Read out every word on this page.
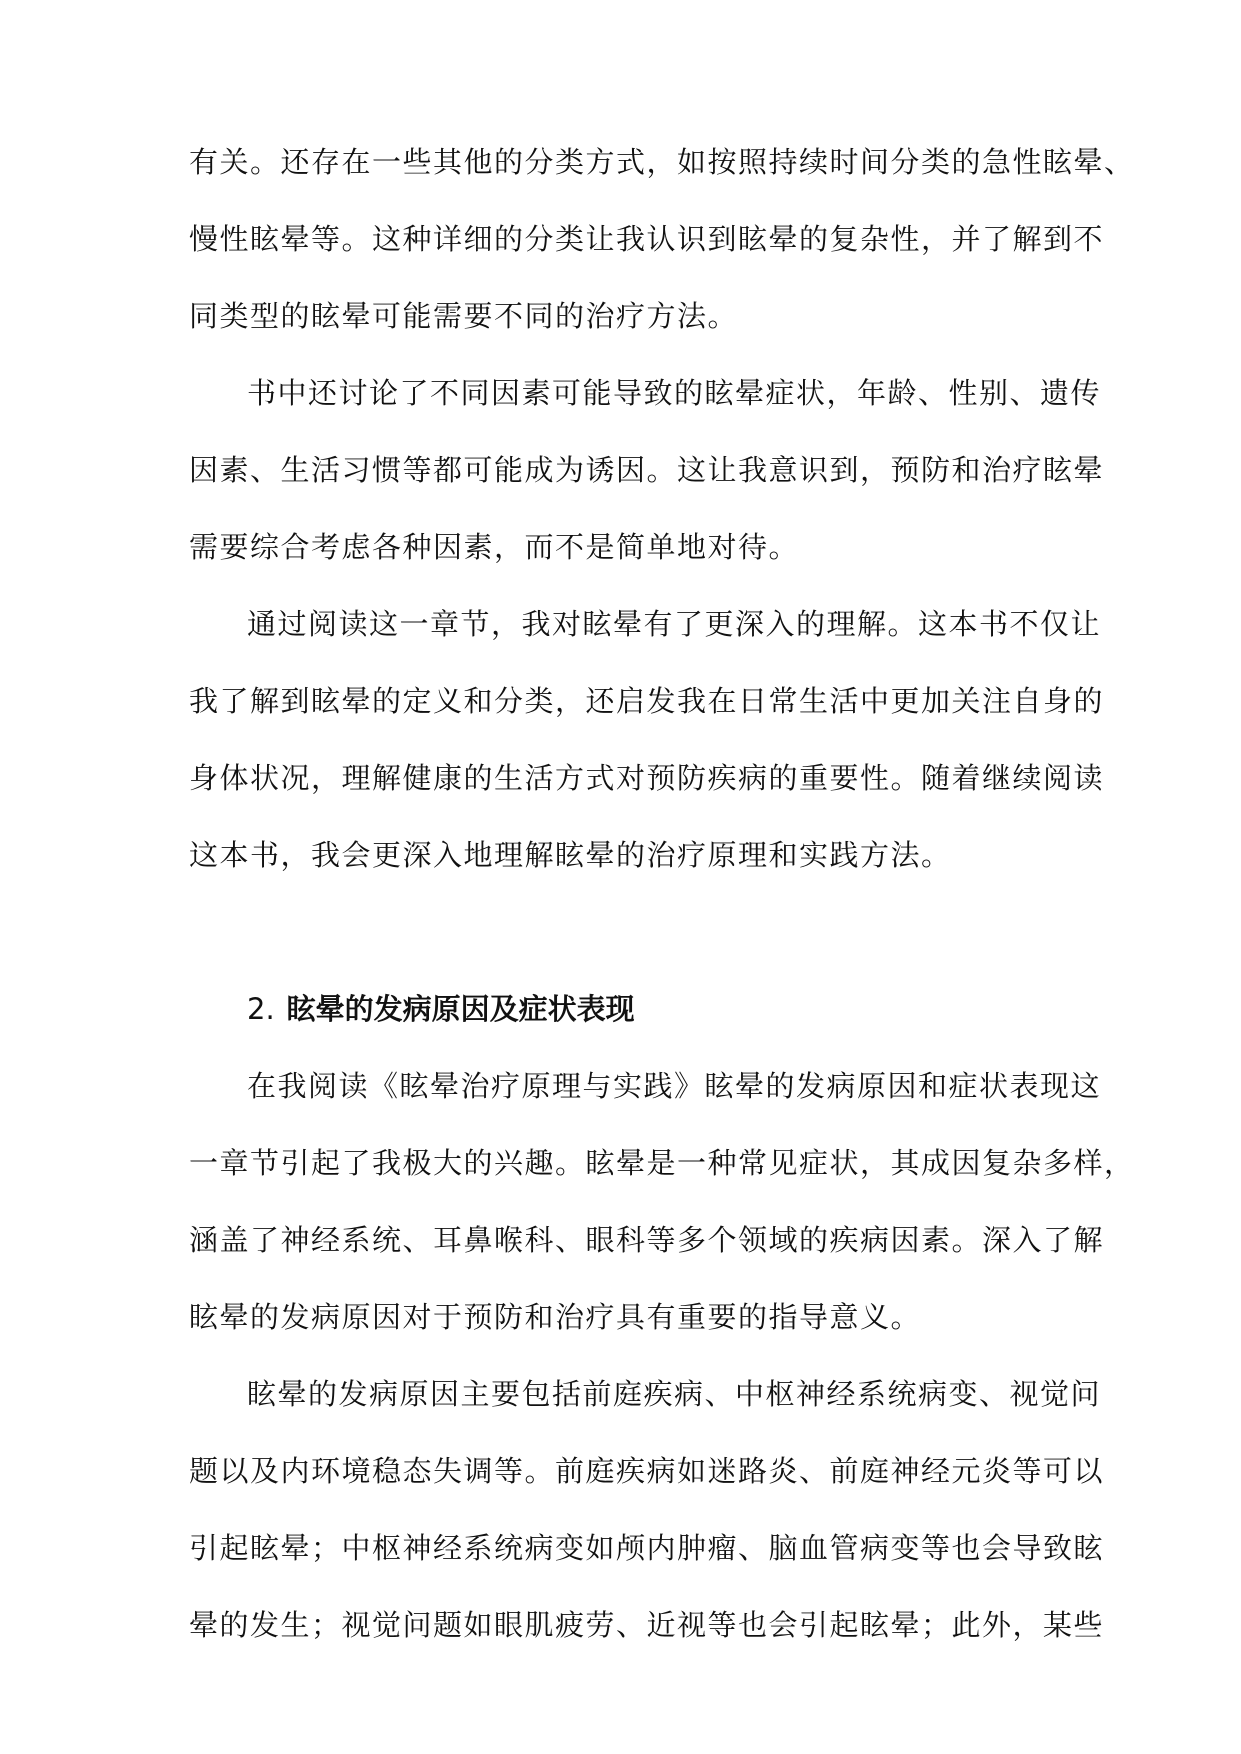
有关。还存在一些其他的分类方式，如按照持续时间分类的急性眩晕、
慢性眩晕等。这种详细的分类让我认识到眩晕的复杂性，并了解到不
同类型的眩晕可能需要不同的治疗方法。
书中还讨论了不同因素可能导致的眩晕症状，年龄、性别、遗传
因素、生活习惯等都可能成为诱因。这让我意识到，预防和治疗眩晕
需要综合考虑各种因素，而不是简单地对待。
通过阅读这一章节，我对眩晕有了更深入的理解。这本书不仅让
我了解到眩晕的定义和分类，还启发我在日常生活中更加关注自身的
身体状况，理解健康的生活方式对预防疾病的重要性。随着继续阅读
这本书，我会更深入地理解眩晕的治疗原理和实践方法。
2. 眩晕的发病原因及症状表现
在我阅读《眩晕治疗原理与实践》眩晕的发病原因和症状表现这
一章节引起了我极大的兴趣。眩晕是一种常见症状，其成因复杂多样，
涵盖了神经系统、耳鼻喉科、眼科等多个领域的疾病因素。深入了解
眩晕的发病原因对于预防和治疗具有重要的指导意义。
眩晕的发病原因主要包括前庭疾病、中枢神经系统病变、视觉问
题以及内环境稳态失调等。前庭疾病如迷路炎、前庭神经元炎等可以
引起眩晕；中枢神经系统病变如颅内肿瘤、脑血管病变等也会导致眩
晕的发生；视觉问题如眼肌疲劳、近视等也会引起眩晕；此外，某些
